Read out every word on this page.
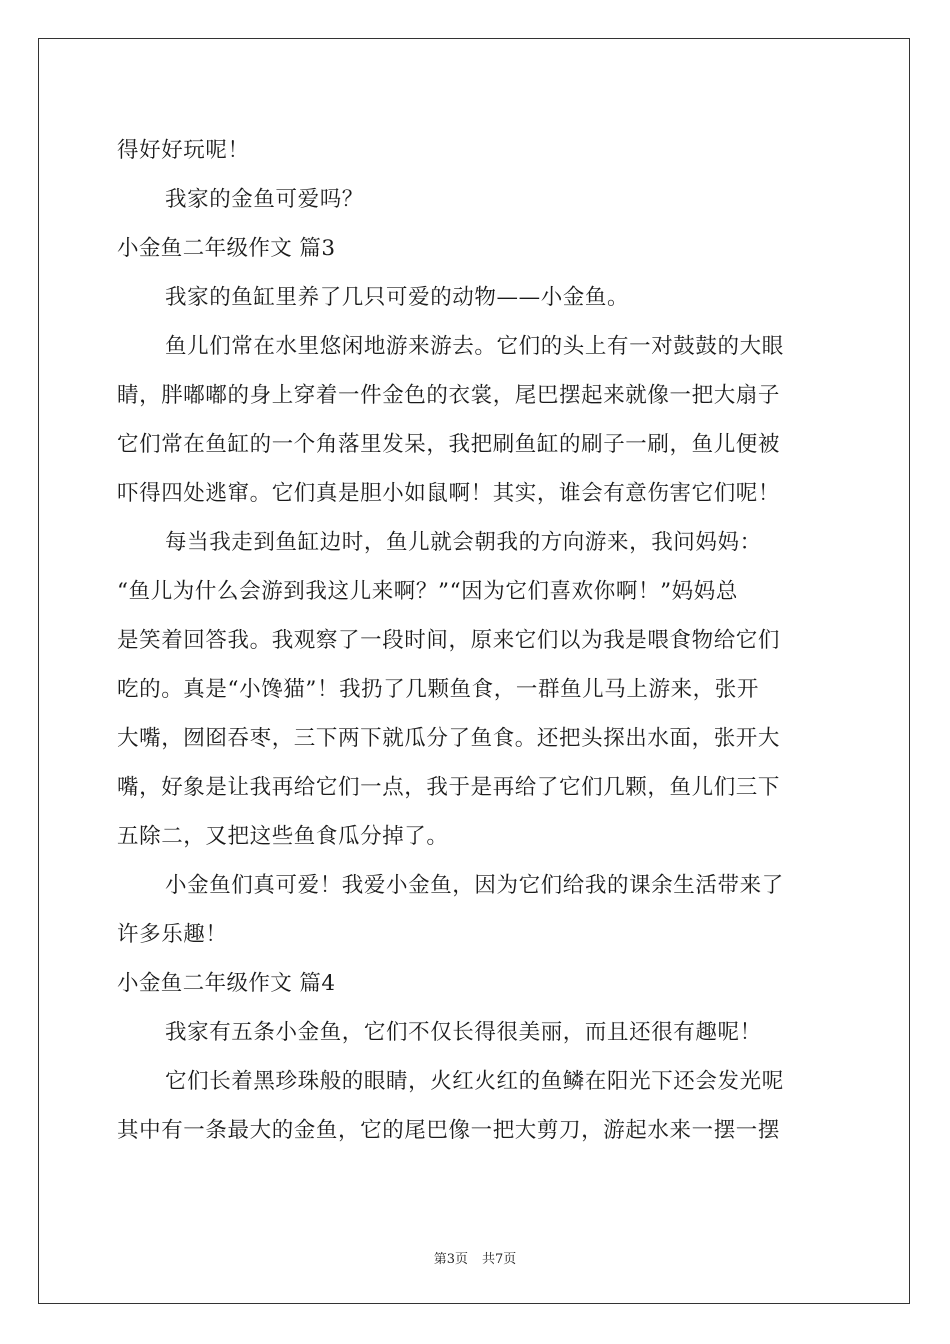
得好好玩呢！
我家的金鱼可爱吗？
小金鱼二年级作文 篇3
我家的鱼缸里养了几只可爱的动物——小金鱼。
鱼儿们常在水里悠闲地游来游去。它们的头上有一对鼓鼓的大眼
睛，胖嘟嘟的身上穿着一件金色的衣裳，尾巴摆起来就像一把大扇子
它们常在鱼缸的一个角落里发呆，我把刷鱼缸的刷子一刷，鱼儿便被
吓得四处逃窜。它们真是胆小如鼠啊！其实，谁会有意伤害它们呢！
每当我走到鱼缸边时，鱼儿就会朝我的方向游来，我问妈妈：
“鱼儿为什么会游到我这儿来啊？”“因为它们喜欢你啊！”妈妈总
是笑着回答我。我观察了一段时间，原来它们以为我是喂食物给它们
吃的。真是“小馋猫”！我扔了几颗鱼食，一群鱼儿马上游来，张开
大嘴，囫囵吞枣，三下两下就瓜分了鱼食。还把头探出水面，张开大
嘴，好象是让我再给它们一点，我于是再给了它们几颗，鱼儿们三下
五除二，又把这些鱼食瓜分掉了。
小金鱼们真可爱！我爱小金鱼，因为它们给我的课余生活带来了
许多乐趣！
小金鱼二年级作文 篇4
我家有五条小金鱼，它们不仅长得很美丽，而且还很有趣呢！
它们长着黑珍珠般的眼睛，火红火红的鱼鳞在阳光下还会发光呢
其中有一条最大的金鱼，它的尾巴像一把大剪刀，游起水来一摆一摆
第3页 共7页
